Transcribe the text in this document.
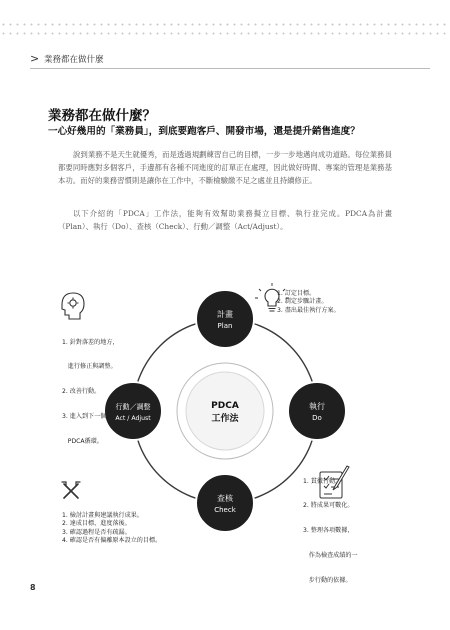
> 業務都在做什麼
業務都在做什麼？
一心好幾用的「業務員」，到底要跑客戶、開發市場，還是提升銷售進度？
說到業務不是天生就優秀，而是透過規劃練習自己的目標，一步一步地邁向成功道路。每位業務員都要同時應對多個客戶，手邊都有各種不同進度的訂單正在處理，因此做好時間、專案的管理是業務基本功。而好的業務習慣則是讓你在工作中，不斷檢驗繳不足之處並且持續修正。
以下介紹的「PDCA」工作法，能夠有效幫助業務擬立目標、執行並完成。PDCA為計畫（Plan）、執行（Do）、查核（Check）、行動／調整（Act/Adjust）。
PDCA
工作法
計畫
Plan
執行
Do
查核
Check
行動／調整
Act / Adjust
1. 訂定目標。
2. 制定步驟計畫。
3. 盡出最佳執行方案。

1. 針對落差的地方，

進行修正與調整。

2. 改善行動。

3. 進入到下一個

PDCA循環。

1. 貫徹行動。

2. 將成果可數化。

3. 整理各項數據，

作為檢查成績的一

步行動的依據。

1. 檢討計畫與建議執行成果。
2. 達成目標，進度落後。
3. 確認過程是否有疏漏。
4. 確認是否有偏離原本設立的目標。
8
